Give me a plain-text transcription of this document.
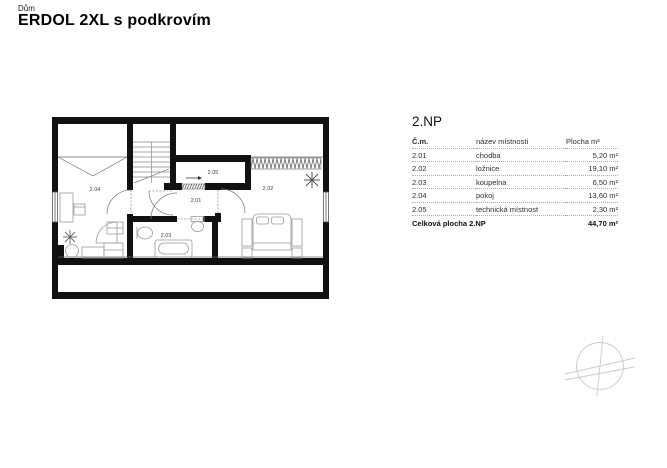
Dům
ERDOL 2XL s podkrovím
2.04
2.05
2.01
2.02
2.03
2.NP
Č.m.	název místnosti	Plocha m²
2.01	chodba	5,20 m²
2.02	ložnice	19,10 m²
2.03	koupelna	6,50 m²
2.04	pokoj	13,60 m²
2.05	technická místnost	2,30 m²
Celková plocha 2.NP		44,70 m²
